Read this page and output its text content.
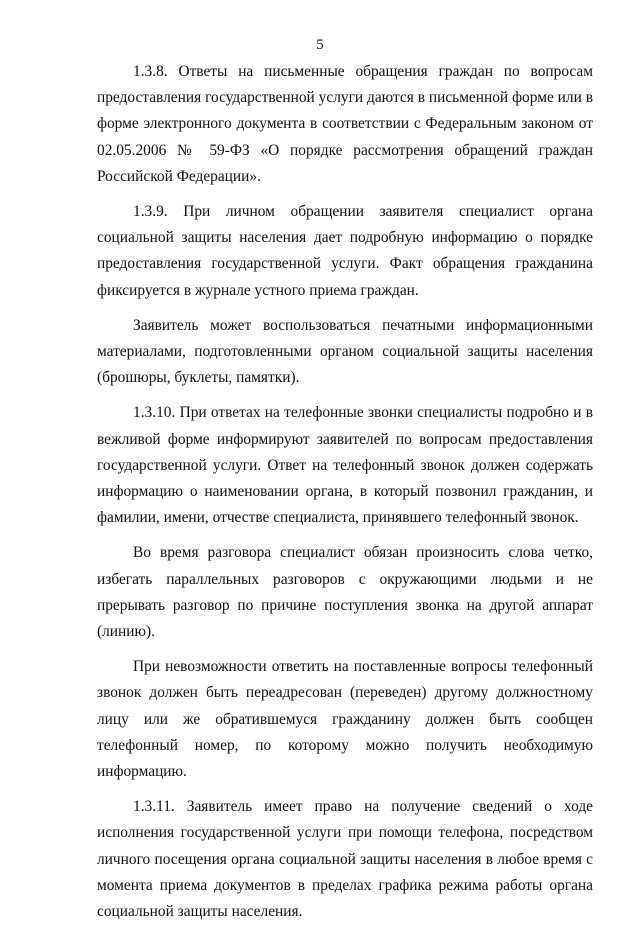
5

1.3.8. Ответы на письменные обращения граждан по вопросам предоставления государственной услуги даются в письменной форме или в форме электронного документа в соответствии с Федеральным законом от 02.05.2006 № 59-ФЗ «О порядке рассмотрения обращений граждан Российской Федерации».

1.3.9. При личном обращении заявителя специалист органа социальной защиты населения дает подробную информацию о порядке предоставления государственной услуги. Факт обращения гражданина фиксируется в журнале устного приема граждан.

Заявитель может воспользоваться печатными информационными материалами, подготовленными органом социальной защиты населения (брошюры, буклеты, памятки).

1.3.10. При ответах на телефонные звонки специалисты подробно и в вежливой форме информируют заявителей по вопросам предоставления государственной услуги. Ответ на телефонный звонок должен содержать информацию о наименовании органа, в который позвонил гражданин, и фамилии, имени, отчестве специалиста, принявшего телефонный звонок.

Во время разговора специалист обязан произносить слова четко, избегать параллельных разговоров с окружающими людьми и не прерывать разговор по причине поступления звонка на другой аппарат (линию).

При невозможности ответить на поставленные вопросы телефонный звонок должен быть переадресован (переведен) другому должностному лицу или же обратившемуся гражданину должен быть сообщен телефонный номер, по которому можно получить необходимую информацию.

1.3.11. Заявитель имеет право на получение сведений о ходе исполнения государственной услуги при помощи телефона, посредством личного посещения органа социальной защиты населения в любое время с момента приема документов в пределах графика режима работы органа социальной защиты населения.
